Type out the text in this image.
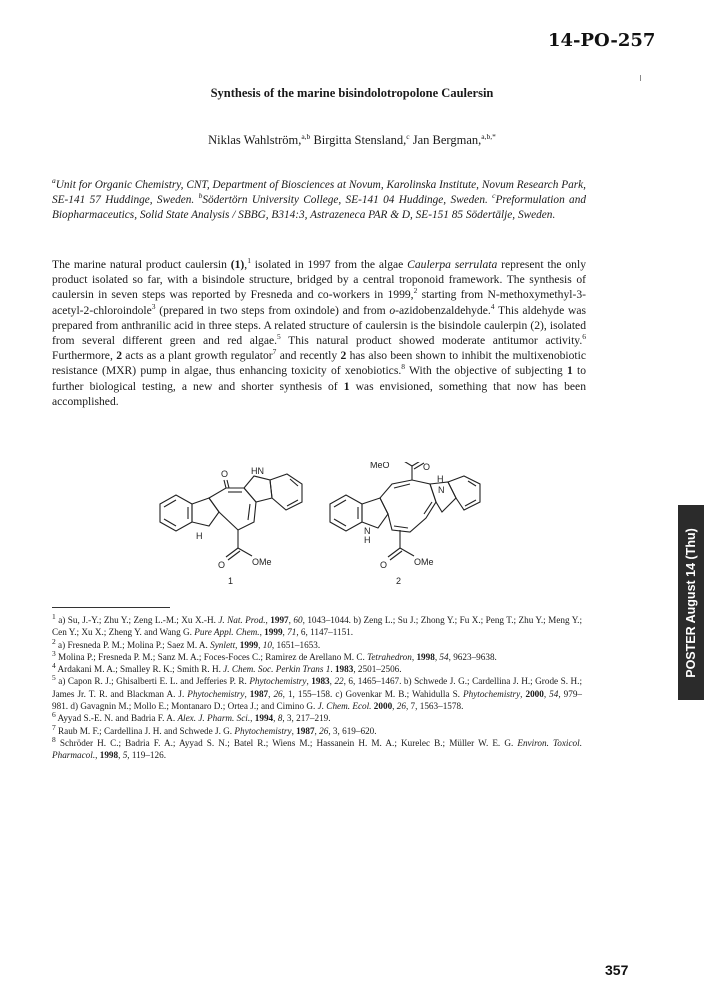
14-PO-257
Synthesis of the marine bisindolotropolone Caulersin
Niklas Wahlström,$^{a,b}$ Birgitta Stensland,$^c$ Jan Bergman,$^{a,b,*}$
$^a$Unit for Organic Chemistry, CNT, Department of Biosciences at Novum, Karolinska Institute, Novum Research Park, SE-141 57 Huddinge, Sweden. $^b$Södertörn University College, SE-141 04 Huddinge, Sweden. $^c$Preformulation and Biopharmaceutics, Solid State Analysis / SBBG, B314:3, Astrazeneca PAR & D, SE-151 85 Södertälje, Sweden.
The marine natural product caulersin (1),$^1$ isolated in 1997 from the algae Caulerpa serrulata represent the only product isolated so far, with a bisindole structure, bridged by a central troponoid framework. The synthesis of caulersin in seven steps was reported by Fresneda and co-workers in 1999,$^2$ starting from N-methoxymethyl-3-acetyl-2-chloroindole$^3$ (prepared in two steps from oxindole) and from o-azidobenzaldehyde.$^4$ This aldehyde was prepared from anthranilic acid in three steps. A related structure of caulersin is the bisindole caulerpin (2), isolated from several different green and red algae.$^5$ This natural product showed moderate antitumor activity.$^6$ Furthermore, 2 acts as a plant growth regulator$^7$ and recently 2 has also been shown to inhibit the multixenobiotic resistance (MXR) pump in algae, thus enhancing toxicity of xenobiotics.$^8$ With the objective of subjecting 1 to further biological testing, a new and shorter synthesis of 1 was envisioned, something that now has been accomplished.
O	HN
H
O	OMe
1
MeO	O
H
N
N
H
O	OMe
2

$^1$ a) Su, J.-Y.; Zhu Y.; Zeng L.-M.; Xu X.-H. J. Nat. Prod., 1997, 60, 1043–1044. b) Zeng L.; Su J.; Zhong Y.; Fu X.; Peng T.; Zhu Y.; Meng Y.; Cen Y.; Xu X.; Zheng Y. and Wang G. Pure Appl. Chem., 1999, 71, 6, 1147–1151.

$^2$ a) Fresneda P. M.; Molina P.; Saez M. A. Synlett, 1999, 10, 1651–1653.

$^3$ Molina P.; Fresneda P. M.; Sanz M. A.; Foces-Foces C.; Ramirez de Arellano M. C. Tetrahedron, 1998, 54, 9623–9638.

$^4$ Ardakani M. A.; Smalley R. K.; Smith R. H. J. Chem. Soc. Perkin Trans 1. 1983, 2501–2506.

$^5$ a) Capon R. J.; Ghisalberti E. L. and Jefferies P. R. Phytochemistry, 1983, 22, 6, 1465–1467. b) Schwede J. G.; Cardellina J. H.; Grode S. H.; James Jr. T. R. and Blackman A. J. Phytochemistry, 1987, 26, 1, 155–158. c) Govenkar M. B.; Wahidulla S. Phytochemistry, 2000, 54, 979–981. d) Gavagnin M.; Mollo E.; Montanaro D.; Ortea J.; and Cimino G. J. Chem. Ecol. 2000, 26, 7, 1563–1578.

$^6$ Ayyad S.-E. N. and Badria F. A. Alex. J. Pharm. Sci., 1994, 8, 3, 217–219.

$^7$ Raub M. F.; Cardellina J. H. and Schwede J. G. Phytochemistry, 1987, 26, 3, 619–620.

$^8$ Schröder H. C.; Badria F. A.; Ayyad S. N.; Batel R.; Wiens M.; Hassanein H. M. A.; Kurelec B.; Müller W. E. G. Environ. Toxicol. Pharmacol., 1998, 5, 119–126.

POSTER August 14 (Thu)
357
